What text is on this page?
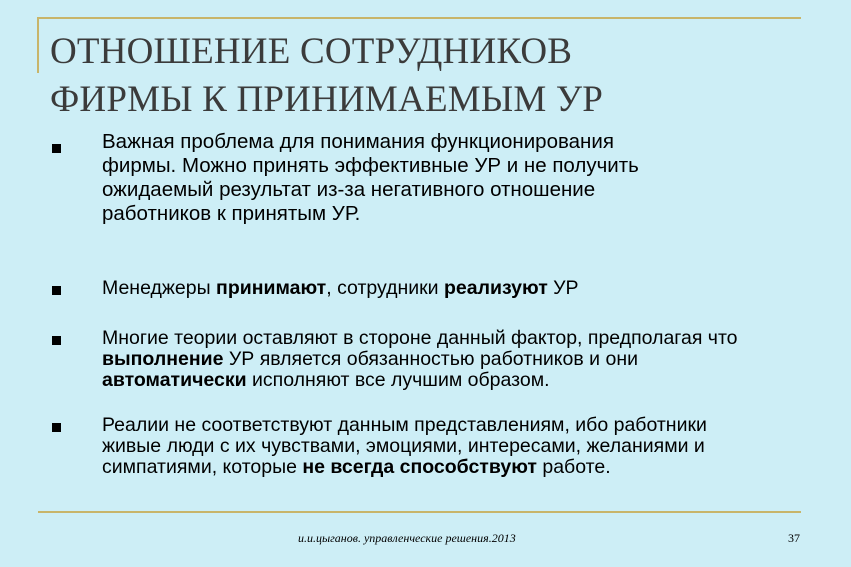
ОТНОШЕНИЕ СОТРУДНИКОВ
ФИРМЫ К ПРИНИМАЕМЫМ УР
Важная проблема для понимания функционирования
фирмы. Можно принять эффективные УР и не получить
ожидаемый результат из-за негативного отношение
работников к принятым УР.
Менеджеры принимают, сотрудники реализуют УР
Многие теории оставляют в стороне данный фактор, предполагая что
выполнение УР является обязанностью работников и они
автоматически исполняют все лучшим образом.
Реалии не соответствуют данным представлениям, ибо работники
живые люди с их чувствами, эмоциями, интересами, желаниями и
симпатиями, которые не всегда способствуют работе.
и.и.цыганов. управленческие решения.2013	37
